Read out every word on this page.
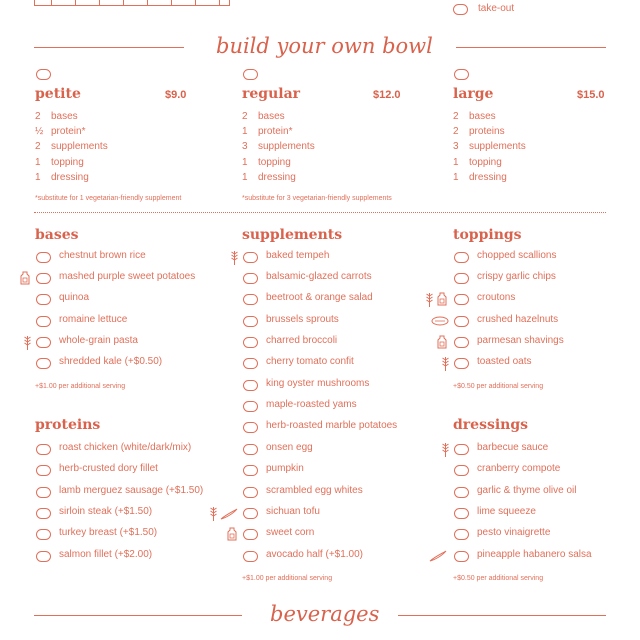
take-out
build your own bowl
petite	$9.0
2 bases
½ protein*
2 supplements
1 topping
1 dressing
*substitute for 1 vegetarian-friendly supplement
regular	$12.0
2 bases
1 protein*
3 supplements
1 topping
1 dressing
*substitute for 3 vegetarian-friendly supplements
large	$15.0
2 bases
2 proteins
3 supplements
1 topping
1 dressing
bases
chestnut brown rice
mashed purple sweet potatoes
quinoa
romaine lettuce
whole-grain pasta
shredded kale (+$0.50)
+$1.00 per additional serving
proteins
roast chicken (white/dark/mix)
herb-crusted dory fillet
lamb merguez sausage (+$1.50)
sirloin steak (+$1.50)
turkey breast (+$1.50)
salmon fillet (+$2.00)
supplements
baked tempeh
balsamic-glazed carrots
beetroot & orange salad
brussels sprouts
charred broccoli
cherry tomato confit
king oyster mushrooms
maple-roasted yams
herb-roasted marble potatoes
onsen egg
pumpkin
scrambled egg whites
sichuan tofu
sweet corn
avocado half (+$1.00)
+$1.00 per additional serving
toppings
chopped scallions
crispy garlic chips
croutons
crushed hazelnuts
parmesan shavings
toasted oats
+$0.50 per additional serving
dressings
barbecue sauce
cranberry compote
garlic & thyme olive oil
lime squeeze
pesto vinaigrette
pineapple habanero salsa
+$0.50 per additional serving
beverages
